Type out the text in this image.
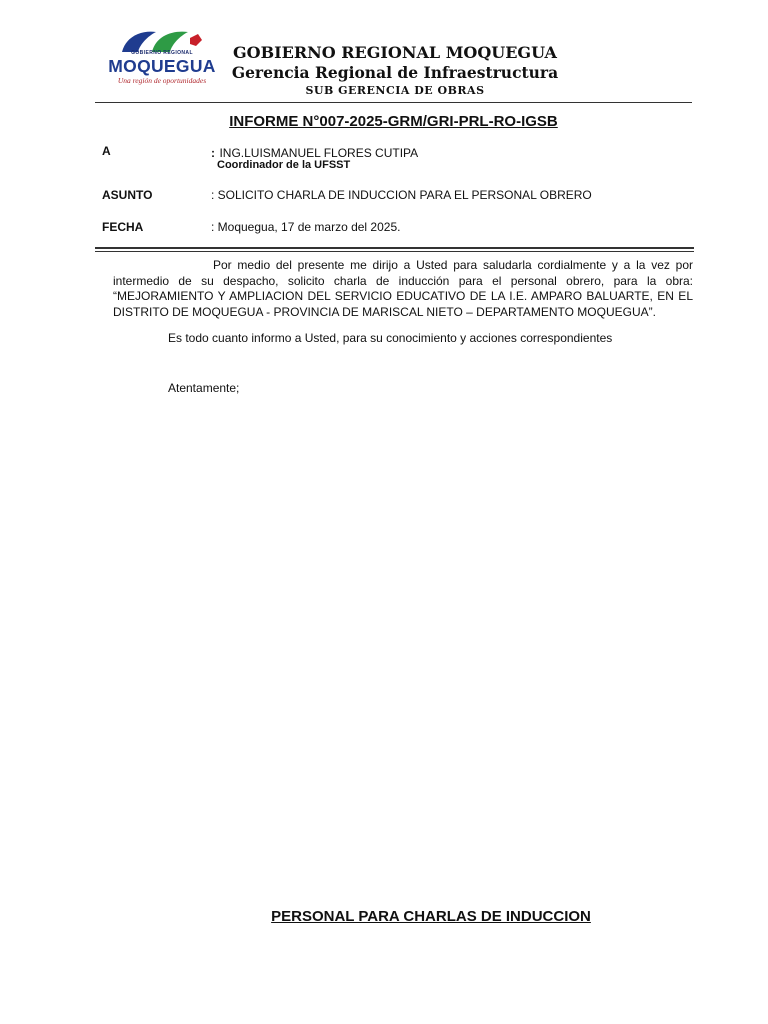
GOBIERNO REGIONAL
MOQUEGUA
Una región de oportunidades
GOBIERNO REGIONAL MOQUEGUA
Gerencia Regional de Infraestructura
SUB GERENCIA DE OBRAS
INFORME N°007-2025-GRM/GRI-PRL-RO-IGSB
A	: ING.LUISMANUEL FLORES CUTIPA
Coordinador de la UFSST
ASUNTO	: SOLICITO CHARLA DE INDUCCION PARA EL PERSONAL OBRERO
FECHA	: Moquegua, 17 de marzo del 2025.
Por medio del presente me dirijo a Usted para saludarla cordialmente y a la vez por intermedio de su despacho, solicito charla de inducción para el personal obrero, para la obra: “MEJORAMIENTO Y AMPLIACION DEL SERVICIO EDUCATIVO DE LA I.E. AMPARO BALUARTE, EN EL DISTRITO DE MOQUEGUA - PROVINCIA DE MARISCAL NIETO – DEPARTAMENTO MOQUEGUA”.
Es todo cuanto informo a Usted, para su conocimiento y acciones correspondientes
Atentamente;
PERSONAL PARA CHARLAS DE INDUCCION
